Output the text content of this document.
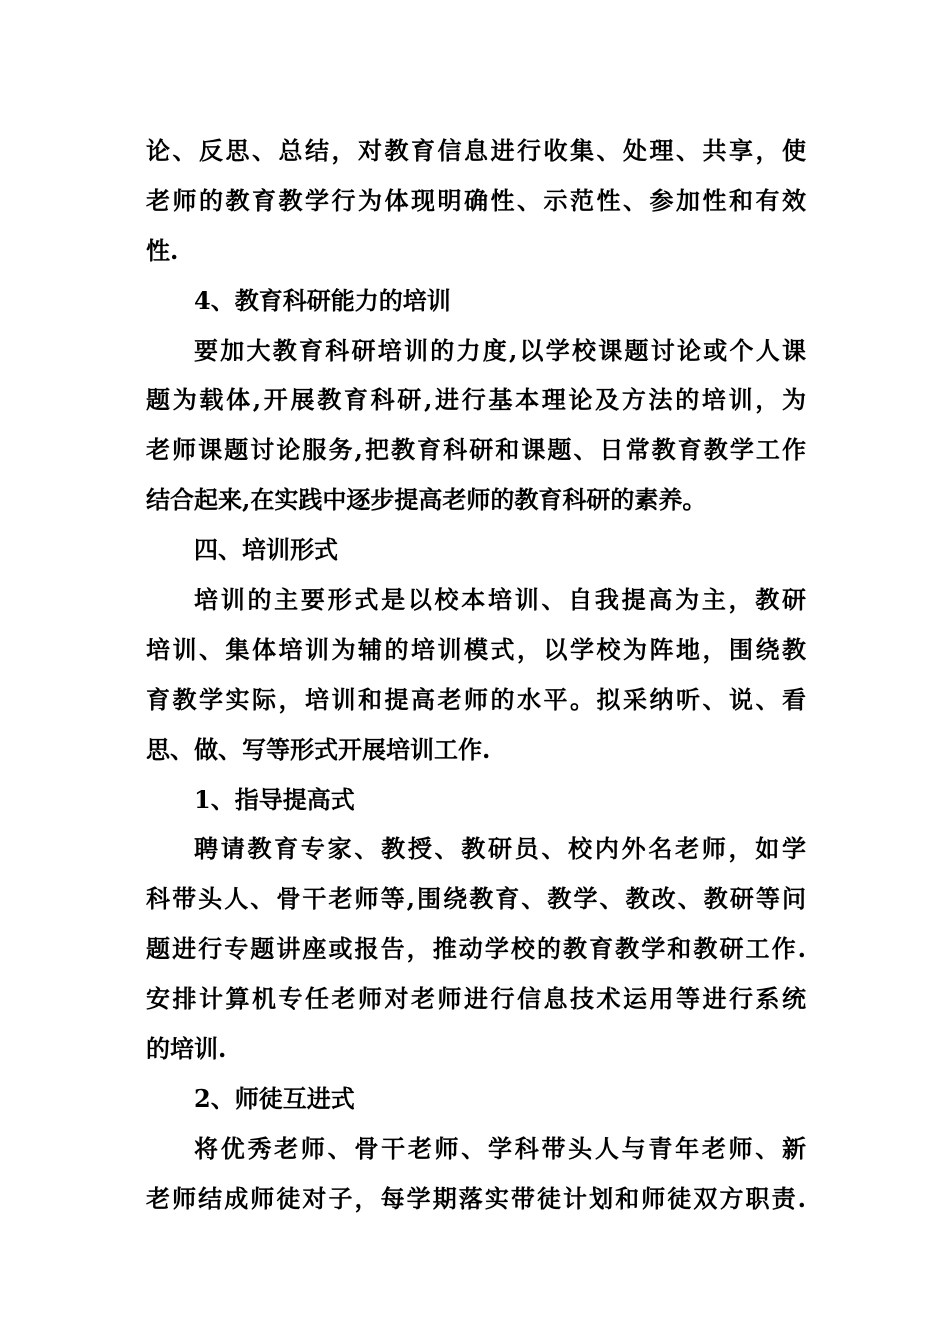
论、反思、总结，对教育信息进行收集、处理、共享，使
老师的教育教学行为体现明确性、示范性、参加性和有效
性.
4、教育科研能力的培训
要加大教育科研培训的力度,以学校课题讨论或个人课
题为载体,开展教育科研,进行基本理论及方法的培训，为
老师课题讨论服务,把教育科研和课题、日常教育教学工作
结合起来,在实践中逐步提高老师的教育科研的素养。
四、培训形式
培训的主要形式是以校本培训、自我提高为主，教研
培训、集体培训为辅的培训模式，以学校为阵地，围绕教
育教学实际，培训和提高老师的水平。拟采纳听、说、看
思、做、写等形式开展培训工作.
1、指导提高式
聘请教育专家、教授、教研员、校内外名老师，如学
科带头人、骨干老师等,围绕教育、教学、教改、教研等问
题进行专题讲座或报告，推动学校的教育教学和教研工作.
安排计算机专任老师对老师进行信息技术运用等进行系统
的培训.
2、师徒互进式
将优秀老师、骨干老师、学科带头人与青年老师、新
老师结成师徒对子，每学期落实带徒计划和师徒双方职责.
